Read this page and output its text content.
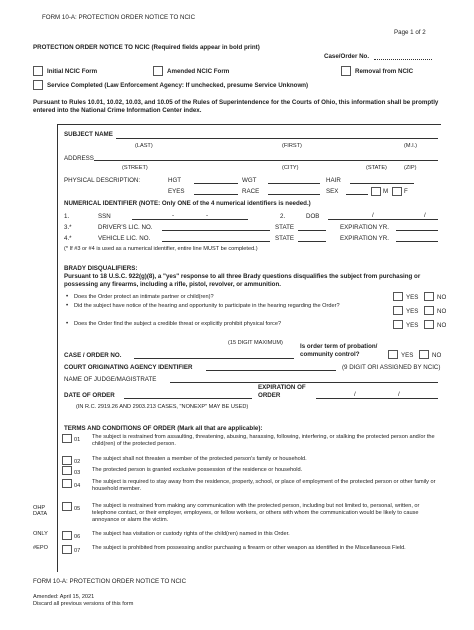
FORM 10-A: PROTECTION ORDER NOTICE TO NCIC
Page 1 of 2
PROTECTION ORDER NOTICE TO NCIC (Required fields appear in bold print)
Case/Order No.
Initial NCIC Form	Amended NCIC Form	Removal from NCIC
Service Completed (Law Enforcement Agency: If unchecked, presume Service Unknown)
Pursuant to Rules 10.01, 10.02, 10.03, and 10.05 of the Rules of Superintendence for the Courts of Ohio, this information shall be promptly entered into the National Crime Information Center index.
SUBJECT NAME
(LAST)	(FIRST)	(M.I.)
ADDRESS
(STREET)	(CITY)	(STATE)	(ZIP)
PHYSICAL DESCRIPTION:	HGT	WGT	HAIR
EYES	RACE	SEX	M	F
NUMERICAL IDENTIFIER (NOTE: Only ONE of the 4 numerical identifiers is needed.)
1.	SSN	-	-	2.	DOB	/	/
3.*	DRIVER'S LIC. NO.	STATE	EXPIRATION YR.
4.*	VEHICLE LIC. NO.	STATE	EXPIRATION YR.
(* If #3 or #4 is used as a numerical identifier, entire line MUST be completed.)
BRADY DISQUALIFIERS:
Pursuant to 18 U.S.C. 922(g)(8), a "yes" response to all three Brady questions disqualifies the subject from purchasing or possessing any firearms, including a rifle, pistol, revolver, or ammunition.
• Does the Order protect an intimate partner or child(ren)?	YES	NO
• Did the subject have notice of the hearing and opportunity to participate in the hearing regarding the Order?
YES	NO
• Does the Order find the subject a credible threat or explicitly prohibit physical force?	YES	NO
(15 DIGIT MAXIMUM)
CASE / ORDER NO.
Is order term of probation/ community control?	YES	NO
COURT ORIGINATING AGENCY IDENTIFIER	(9 DIGIT ORI ASSIGNED BY NCIC)
NAME OF JUDGE/MAGISTRATE
DATE OF ORDER
EXPIRATION OF ORDER	/	/
(IN R.C. 2919.26 AND 2903.213 CASES, "NONEXP" MAY BE USED)
TERMS AND CONDITIONS OF ORDER (Mark all that are applicable):
01 The subject is restrained from assaulting, threatening, abusing, harassing, following, interfering, or stalking the protected person and/or the child(ren) of the protected person.
02 The subject shall not threaten a member of the protected person's family or household.
03 The protected person is granted exclusive possession of the residence or household.
04
The subject is required to stay away from the residence, property, school, or place of employment of the protected person or other family or household member.
OHP DATA
05 The subject is restrained from making any communication with the protected person, including but not limited to, personal, written, or telephone contact, or their employer, employees, or fellow workers, or others with whom the communication would be likely to cause annoyance or alarm the victim.
ONLY	06 The subject has visitation or custody rights of the child(ren) named in this Order.
#EPO	07 The subject is prohibited from possessing and/or purchasing a firearm or other weapon as identified in the Miscellaneous Field.
FORM 10-A: PROTECTION ORDER NOTICE TO NCIC
Amended: April 15, 2021
Discard all previous versions of this form
